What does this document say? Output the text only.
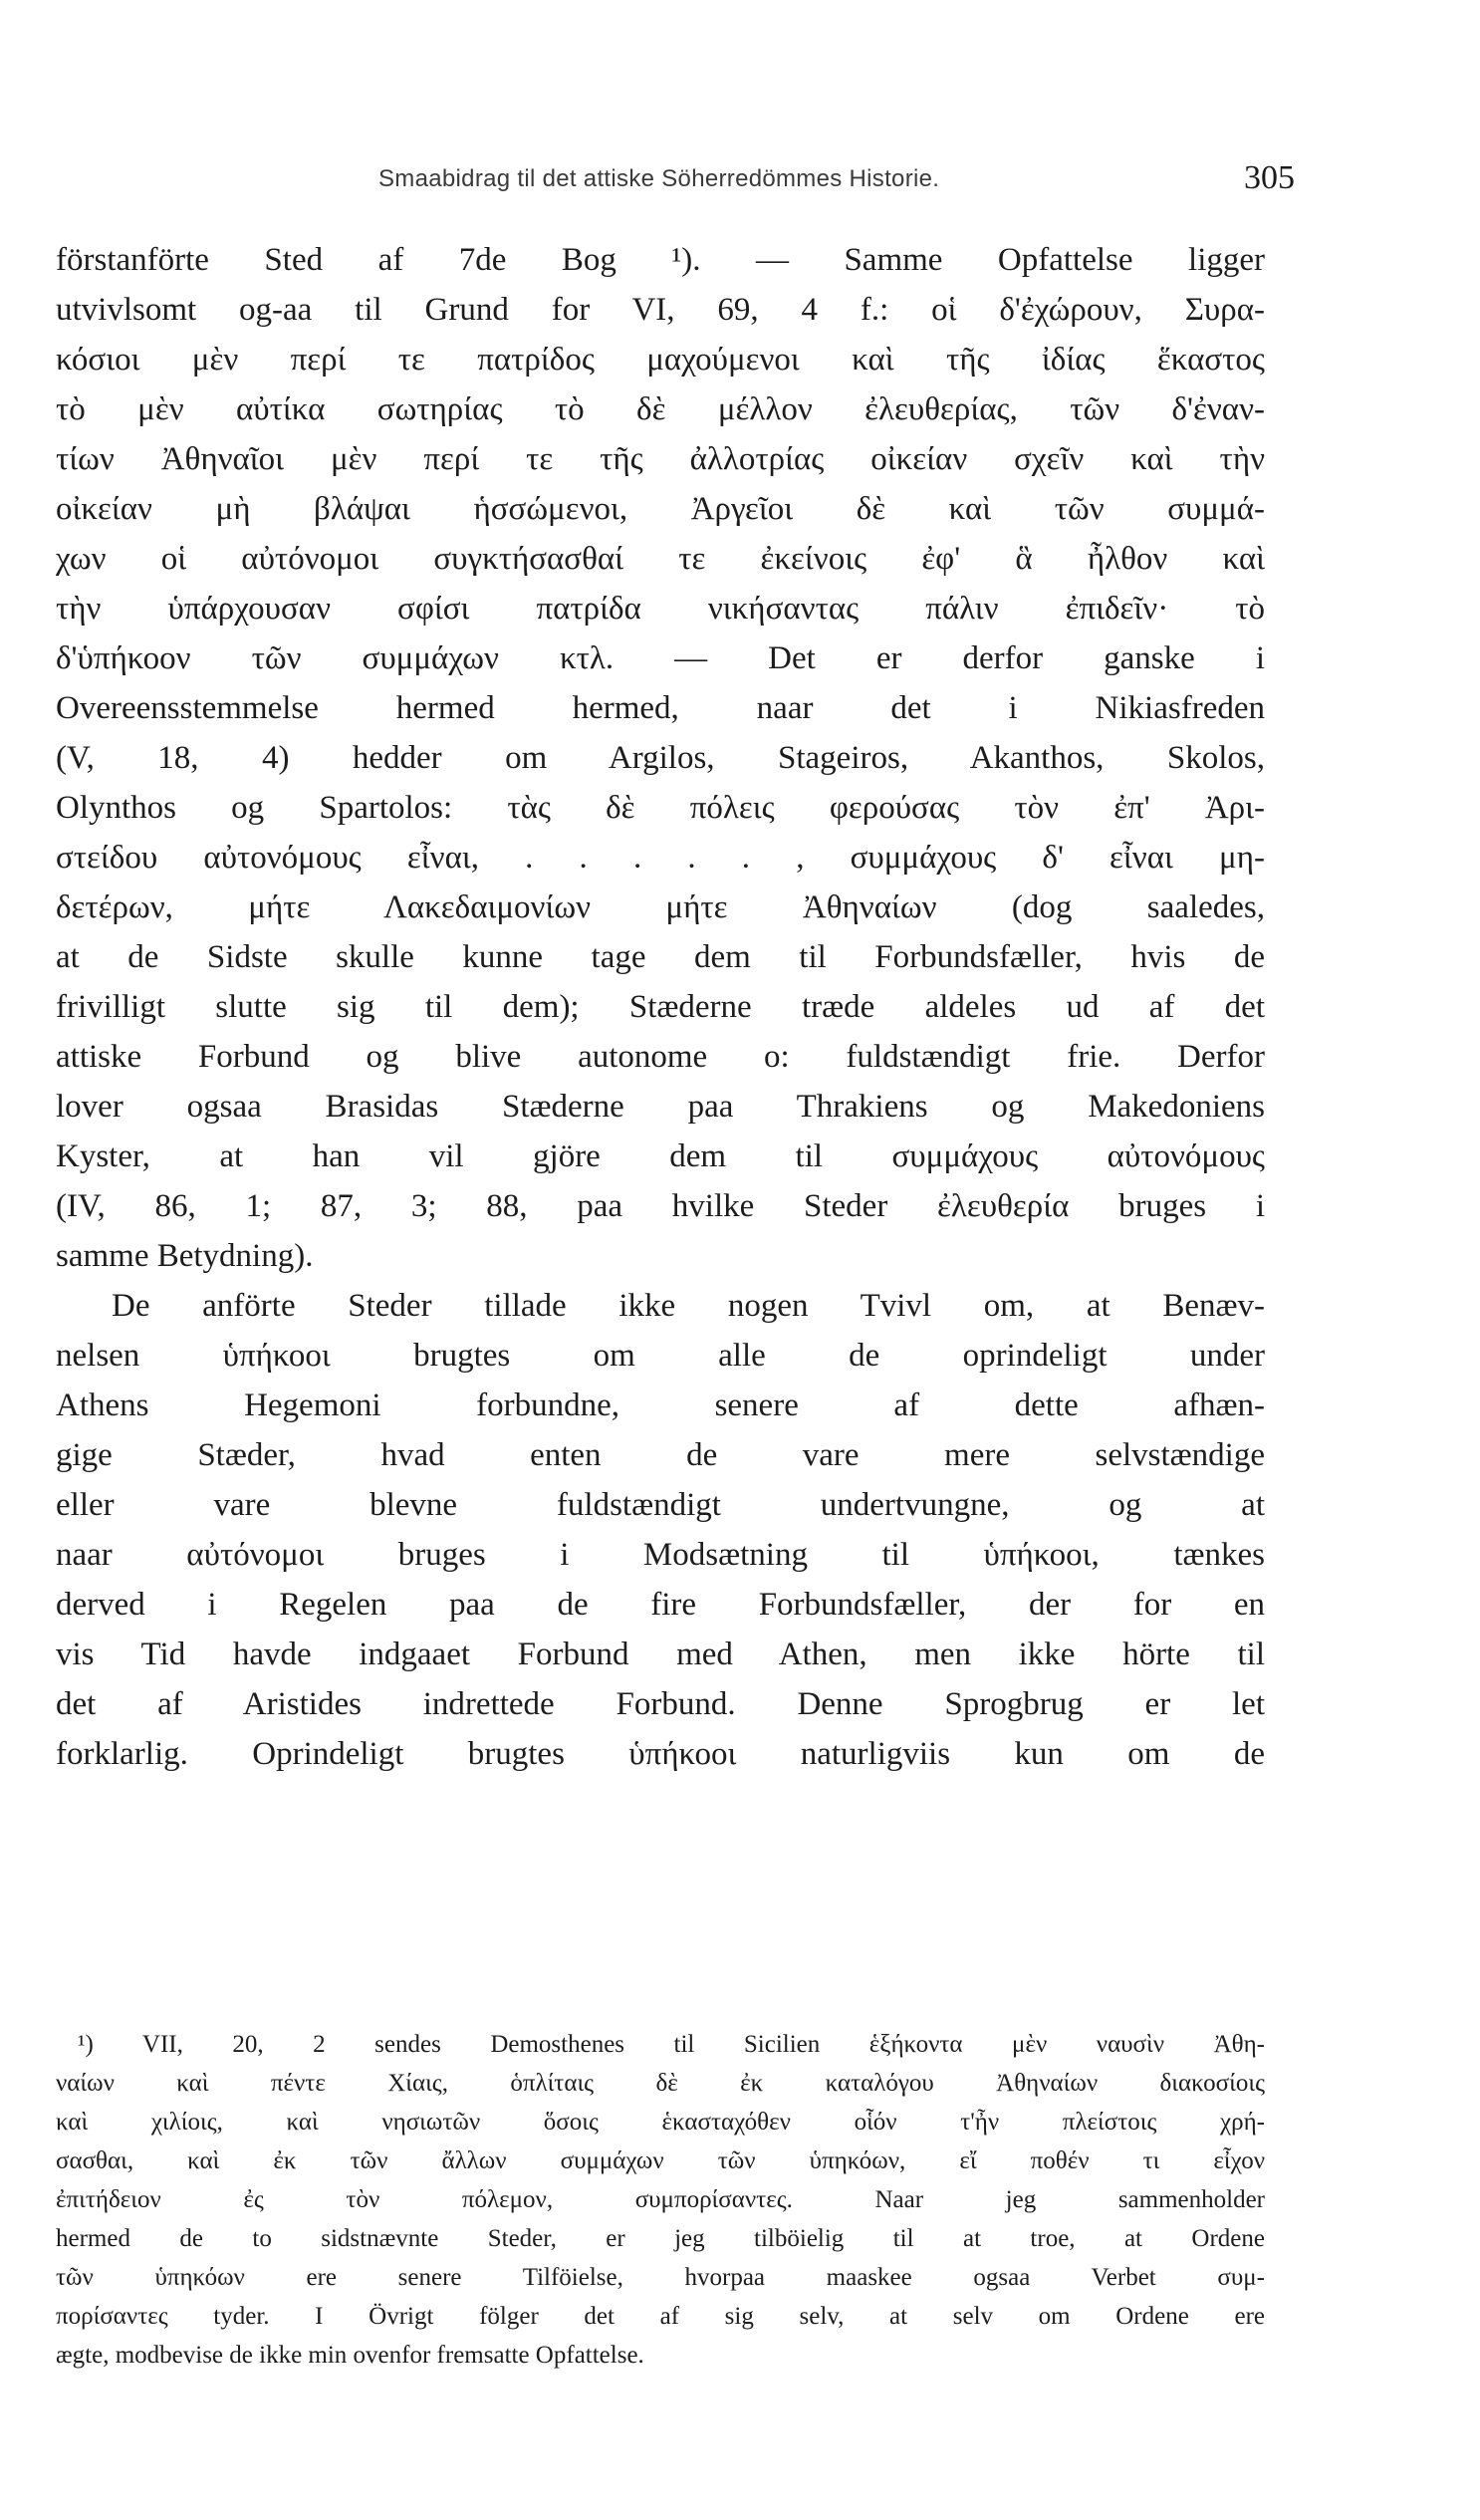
Smaabidrag til det attiske Söherredömmes Historie.	305
förstanförte Sted af 7de Bog ¹). — Samme Opfattelse ligger
utvivlsomt og-aa til Grund for VI, 69, 4 f.: οἱ δ'ἐχώρουν, Συρα-
κόσιοι μὲν περί τε πατρίδος μαχούμενοι καὶ τῆς ἰδίας ἕκαστος
τὸ μὲν αὐτίκα σωτηρίας τὸ δὲ μέλλον ἐλευθερίας, τῶν δ'ἐναν-
τίων Ἀθηναῖοι μὲν περί τε τῆς ἀλλοτρίας οἰκείαν σχεῖν καὶ τὴν
οἰκείαν μὴ βλάψαι ἡσσώμενοι, Ἀργεῖοι δὲ καὶ τῶν συμμά-
χων οἱ αὐτόνομοι συγκτήσασθαί τε ἐκείνοις ἐφ' ἃ ἦλθον καὶ
τὴν ὑπάρχουσαν σφίσι πατρίδα νικήσαντας πάλιν ἐπιδεῖν· τὸ
δ'ὑπήκοον τῶν συμμάχων κτλ. — Det er derfor ganske i
Overeensstemmelse hermed hermed, naar det i Nikiasfreden
(V, 18, 4) hedder om Argilos, Stageiros, Akanthos, Skolos,
Olynthos og Spartolos: τὰς δὲ πόλεις φερούσας τὸν ἐπ' Ἀρι-
στείδου αὐτονόμους εἶναι, . . . . . , συμμάχους δ' εἶναι μη-
δετέρων, μήτε Λακεδαιμονίων μήτε Ἀθηναίων (dog saaledes,
at de Sidste skulle kunne tage dem til Forbundsfæller, hvis de
frivilligt slutte sig til dem); Stæderne træde aldeles ud af det
attiske Forbund og blive autonome o: fuldstændigt frie. Derfor
lover ogsaa Brasidas Stæderne paa Thrakiens og Makedoniens
Kyster, at han vil gjöre dem til συμμάχους αὐτονόμους
(IV, 86, 1; 87, 3; 88, paa hvilke Steder ἐλευθερία bruges i
samme Betydning).
De anförte Steder tillade ikke nogen Tvivl om, at Benæv-
nelsen ὑπήκοοι brugtes om alle de oprindeligt under
Athens Hegemoni forbundne, senere af dette afhæn-
gige Stæder, hvad enten de vare mere selvstændige
eller vare blevne fuldstændigt undertvungne, og at
naar αὐτόνομοι bruges i Modsætning til ὑπήκοοι, tænkes
derved i Regelen paa de fire Forbundsfæller, der for en
vis Tid havde indgaaet Forbund med Athen, men ikke hörte til
det af Aristides indrettede Forbund. Denne Sprogbrug er let
forklarlig. Oprindeligt brugtes ὑπήκοοι naturligviis kun om de
¹) VII, 20, 2 sendes Demosthenes til Sicilien ἑξήκοντα μὲν ναυσὶν Ἀθη-
ναίων καὶ πέντε Χίαις, ὁπλίταις δὲ ἐκ καταλόγου Ἀθηναίων διακοσίοις
καὶ χιλίοις, καὶ νησιωτῶν ὅσοις ἑκασταχόθεν οἷόν τ'ἦν πλείστοις χρή-
σασθαι, καὶ ἐκ τῶν ἄλλων συμμάχων τῶν ὑπηκόων, εἴ ποθέν τι εἶχον
ἐπιτήδειον ἐς τὸν πόλεμον, συμπορίσαντες. Naar jeg sammenholder
hermed de to sidstnævnte Steder, er jeg tilböielig til at troe, at Ordene
τῶν ὑπηκόων ere senere Tilföielse, hvorpaa maaskee ogsaa Verbet συμ-
πορίσαντες tyder. I Övrigt fölger det af sig selv, at selv om Ordene ere
ægte, modbevise de ikke min ovenfor fremsatte Opfattelse.
